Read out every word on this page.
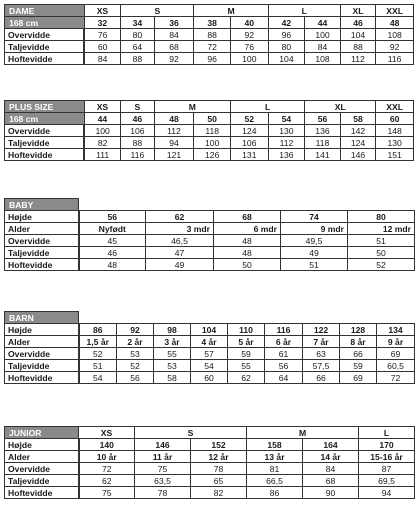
DAME	XS	S		M		L		XL	XXL
168 cm	32	34	36	38	40	42	44	46	48
Overvidde	76	80	84	88	92	96	100	104	108
Taljevidde	60	64	68	72	76	80	84	88	92
Hoftevidde	84	88	92	96	100	104	108	112	116
PLUS SIZE	XS	S	M		L		XL		XXL
168 cm	44	46	48	50	52	54	56	58	60
Overvidde	100	106	112	118	124	130	136	142	148
Taljevidde	82	88	94	100	106	112	118	124	130
Hoftevidde	111	116	121	126	131	136	141	146	151
BABY					
Højde	56	62	68	74	80
Alder	Nyfødt	3 mdr	6 mdr	9 mdr	12 mdr
Overvidde	45	46,5	48	49,5	51
Taljevidde	46	47	48	49	50
Hoftevidde	48	49	50	51	52
BARN									
Højde	86	92	98	104	110	116	122	128	134
Alder	1,5 år	2 år	3 år	4 år	5 år	6 år	7 år	8 år	9 år
Overvidde	52	53	55	57	59	61	63	66	69
Taljevidde	51	52	53	54	55	56	57,5	59	60,5
Hoftevidde	54	56	58	60	62	64	66	69	72
JUNIOR	XS	S		M		L
Højde	140	146	152	158	164	170
Alder	10 år	11 år	12 år	13 år	14 år	15-16 år
Overvidde	72	75	78	81	84	87
Taljevidde	62	63,5	65	66,5	68	69,5
Hoftevidde	75	78	82	86	90	94
